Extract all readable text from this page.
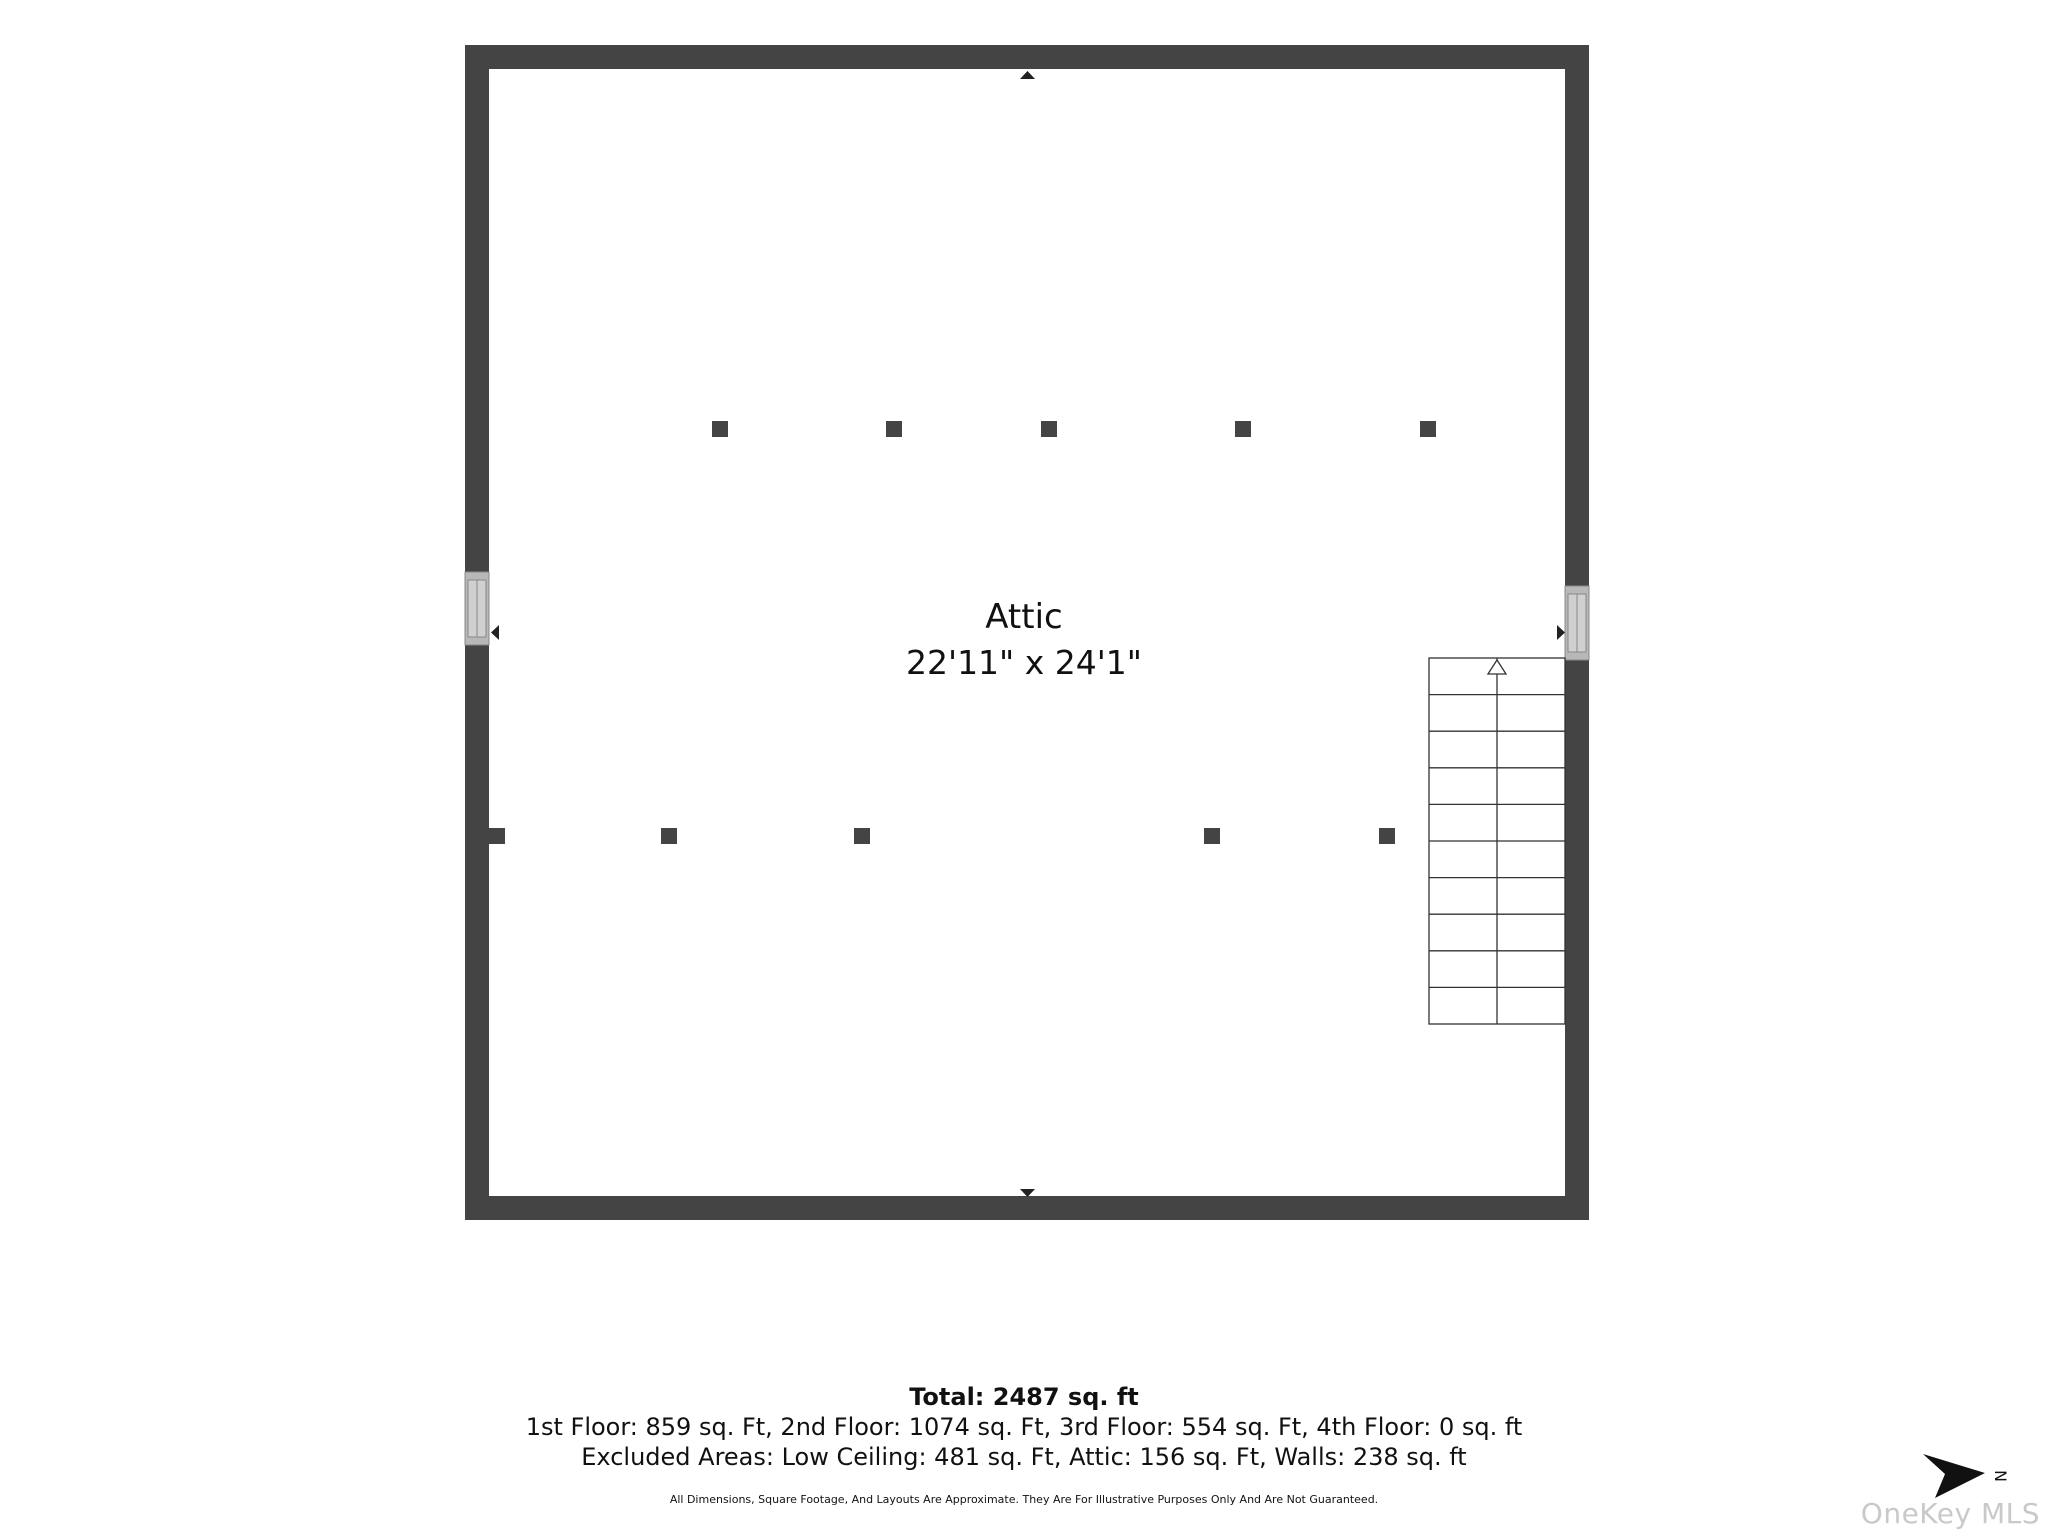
Attic
22'11" x 24'1"
Total: 2487 sq. ft
1st Floor: 859 sq. Ft, 2nd Floor: 1074 sq. Ft, 3rd Floor: 554 sq. Ft, 4th Floor: 0 sq. ft
Excluded Areas: Low Ceiling: 481 sq. Ft, Attic: 156 sq. Ft, Walls: 238 sq. ft
All Dimensions, Square Footage, And Layouts Are Approximate. They Are For Illustrative Purposes Only And Are Not Guaranteed.
N
OneKey MLS
